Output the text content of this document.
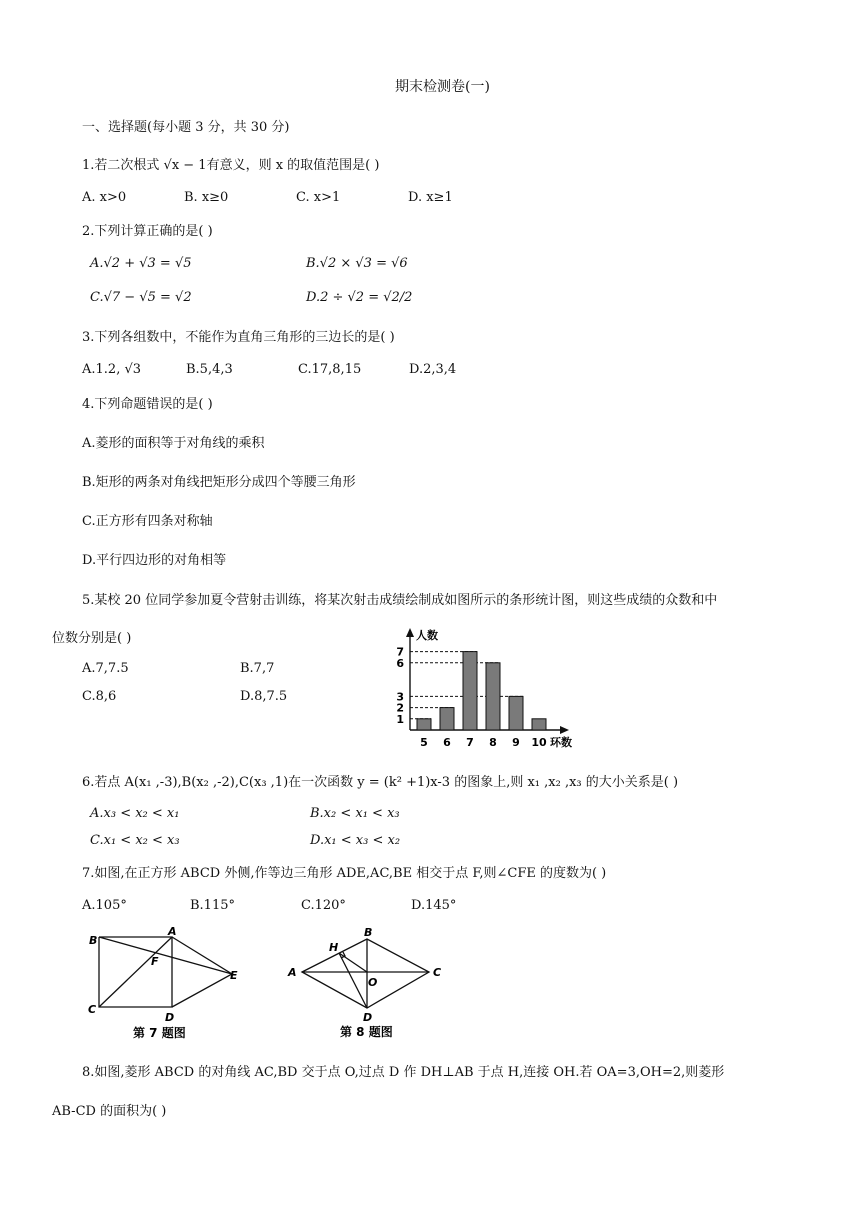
期末检测卷(一)
一、选择题(每小题 3 分，共 30 分)
1.若二次根式 √x − 1有意义，则 x 的取值范围是( )
A. x>0	B. x≥0	C. x>1	D. x≥1
2.下列计算正确的是( )
A.√2 + √3 = √5	B.√2 × √3 = √6
C.√7 − √5 = √2	D.2 ÷ √2 = √2/2
3.下列各组数中，不能作为直角三角形的三边长的是( )
A.1.2, √3	B.5,4,3	C.17,8,15	D.2,3,4
4.下列命题错误的是( )
A.菱形的面积等于对角线的乘积
B.矩形的两条对角线把矩形分成四个等腰三角形
C.正方形有四条对称轴
D.平行四边形的对角相等
5.某校 20 位同学参加夏令营射击训练，将某次射击成绩绘制成如图所示的条形统计图，则这些成绩的众数和中
位数分别是( )
A.7,7.5	B.7,7
C.8,6	D.8,7.5
人数
环数
5 6 7 8 9 10
1
2
3
6
7
6.若点 A(x₁ ,-3),B(x₂ ,-2),C(x₃ ,1)在一次函数 y = (k² +1)x-3 的图象上,则 x₁ ,x₂ ,x₃ 的大小关系是( )
A.x₃ < x₂ < x₁	B.x₂ < x₁ < x₃
C.x₁ < x₂ < x₃	D.x₁ < x₃ < x₂
7.如图,在正方形 ABCD 外侧,作等边三角形 ADE,AC,BE 相交于点 F,则∠CFE 的度数为( )
A.105°	B.115°	C.120°	D.145°
B
A
F
E
C
D
第 7 题图
H
B
A	C
O
D
第 8 题图
8.如图,菱形 ABCD 的对角线 AC,BD 交于点 O,过点 D 作 DH⊥AB 于点 H,连接 OH.若 OA=3,OH=2,则菱形
AB-CD 的面积为( )
